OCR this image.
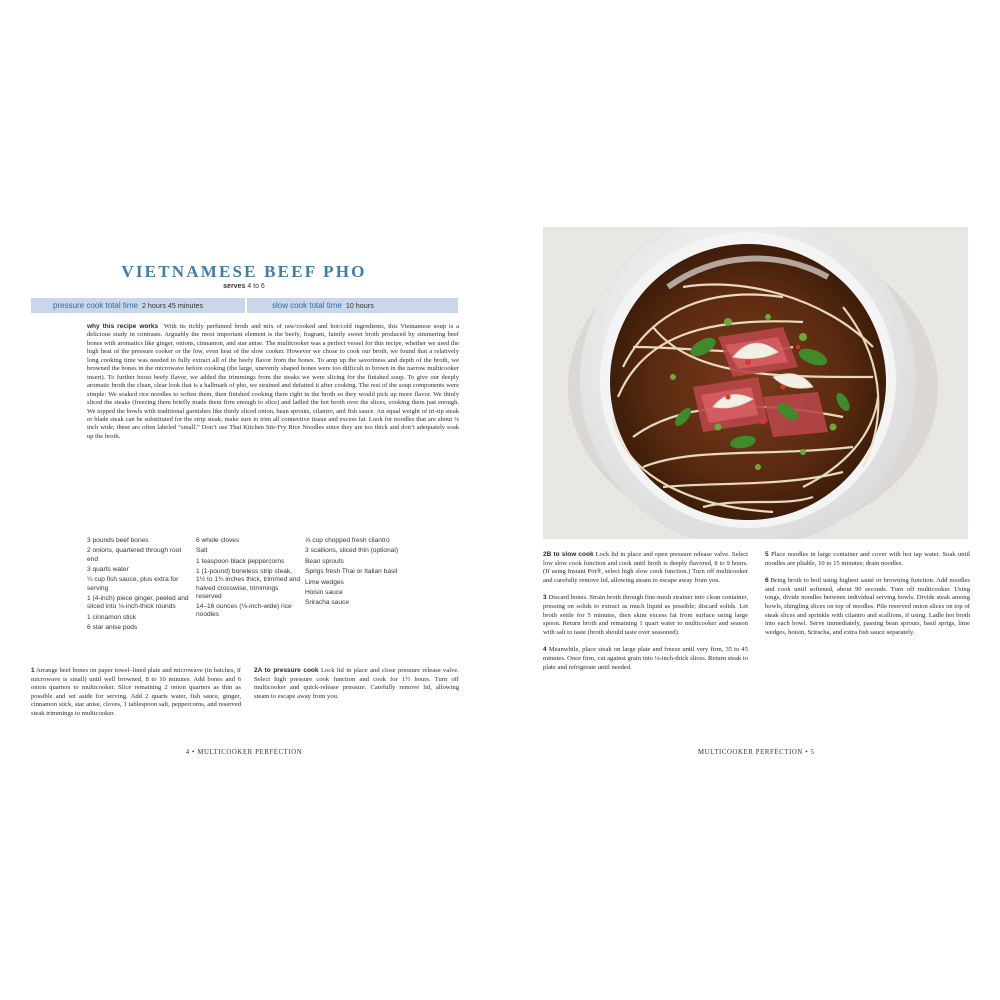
VIETNAMESE BEEF PHO
serves 4 to 6
pressure cook total time 2 hours 45 minutes	slow cook total time 10 hours
why this recipe works With its richly perfumed broth and mix of raw/cooked and hot/cold ingredients, this Vietnamese soup is a delicious study in contrasts. Arguably the most important element is the beefy, fragrant, faintly sweet broth produced by simmering beef bones with aromatics like ginger, onions, cinnamon, and star anise. The multicooker was a perfect vessel for this recipe, whether we used the high heat of the pressure cooker or the low, even heat of the slow cooker. However we chose to cook our broth, we found that a relatively long cooking time was needed to fully extract all of the beefy flavor from the bones. To amp up the savoriness and depth of the broth, we browned the bones in the microwave before cooking (the large, unevenly shaped bones were too difficult to brown in the narrow multicooker insert). To further boost beefy flavor, we added the trimmings from the steaks we were slicing for the finished soup. To give our deeply aromatic broth the clean, clear look that is a hallmark of pho, we strained and defatted it after cooking. The rest of the soup components were simple: We soaked rice noodles to soften them, then finished cooking them right in the broth so they would pick up more flavor. We thinly sliced the steaks (freezing them briefly made them firm enough to slice) and ladled the hot broth over the slices, cooking them just enough. We topped the bowls with traditional garnishes like thinly sliced onion, bean sprouts, cilantro, and fish sauce. An equal weight of tri-tip steak or blade steak can be substituted for the strip steak; make sure to trim all connective tissue and excess fat. Look for noodles that are about ⅛ inch wide; these are often labeled “small.” Don’t use Thai Kitchen Stir-Fry Rice Noodles since they are too thick and don’t adequately soak up the broth.
3 pounds beef bones
2 onions, quartered through root end
3 quarts water
¼ cup fish sauce, plus extra for serving
1 (4-inch) piece ginger, peeled and sliced into ⅛-inch-thick rounds
1 cinnamon stick
6 star anise pods
6 whole cloves
Salt
1 teaspoon black peppercorns
1 (1-pound) boneless strip steak, 1½ to 1¾ inches thick, trimmed and halved crosswise, trimmings reserved
14–16 ounces (⅛-inch-wide) rice noodles
⅓ cup chopped fresh cilantro
3 scallions, sliced thin (optional)
Bean sprouts
Sprigs fresh Thai or Italian basil
Lime wedges
Hoisin sauce
Sriracha sauce
1 Arrange beef bones on paper towel–lined plate and microwave (in batches, if microwave is small) until well browned, 8 to 10 minutes. Add bones and 6 onion quarters to multicooker. Slice remaining 2 onion quarters as thin as possible and set aside for serving. Add 2 quarts water, fish sauce, ginger, cinnamon stick, star anise, cloves, 1 tablespoon salt, peppercorns, and reserved steak trimmings to multicooker.
2A to pressure cook Lock lid in place and close pressure release valve. Select high pressure cook function and cook for 1½ hours. Turn off multicooker and quick-release pressure. Carefully remove lid, allowing steam to escape away from you.
4 • MULTICOOKER PERFECTION
2B to slow cook Lock lid in place and open pressure release valve. Select low slow cook function and cook until broth is deeply flavored, 8 to 9 hours. (If using Instant Pot®, select high slow cook function.) Turn off multicooker and carefully remove lid, allowing steam to escape away from you.
3 Discard bones. Strain broth through fine-mesh strainer into clean container, pressing on solids to extract as much liquid as possible; discard solids. Let broth settle for 5 minutes, then skim excess fat from surface using large spoon. Return broth and remaining 1 quart water to multicooker and season with salt to taste (broth should taste over seasoned).
4 Meanwhile, place steak on large plate and freeze until very firm, 35 to 45 minutes. Once firm, cut against grain into ⅛-inch-thick slices. Return steak to plate and refrigerate until needed.
5 Place noodles in large container and cover with hot tap water. Soak until noodles are pliable, 10 to 15 minutes; drain noodles.
6 Bring broth to boil using highest sauté or browning function. Add noodles and cook until softened, about 90 seconds. Turn off multicooker. Using tongs, divide noodles between individual serving bowls. Divide steak among bowls, shingling slices on top of noodles. Pile reserved onion slices on top of steak slices and sprinkle with cilantro and scallions, if using. Ladle hot broth into each bowl. Serve immediately, passing bean sprouts, basil sprigs, lime wedges, hoisin, Sriracha, and extra fish sauce separately.
MULTICOOKER PERFECTION • 5
